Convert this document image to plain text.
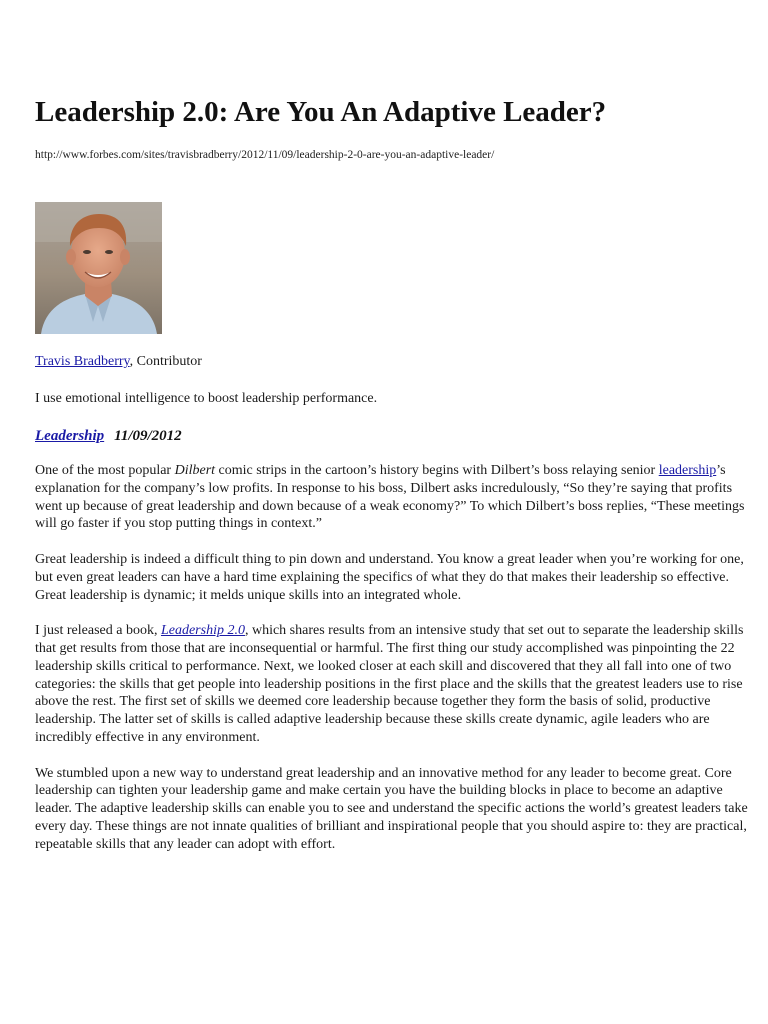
Leadership 2.0: Are You An Adaptive Leader?
http://www.forbes.com/sites/travisbradberry/2012/11/09/leadership-2-0-are-you-an-adaptive-leader/
Travis Bradberry, Contributor
I use emotional intelligence to boost leadership performance.
Leadership 11/09/2012

One of the most popular Dilbert comic strips in the cartoon’s history begins with Dilbert’s boss relaying senior leadership’s explanation for the company’s low profits. In response to his boss, Dilbert asks incredulously, “So they’re saying that profits went up because of great leadership and down because of a weak economy?” To which Dilbert’s boss replies, “These meetings will go faster if you stop putting things in context.”

Great leadership is indeed a difficult thing to pin down and understand. You know a great leader when you’re working for one, but even great leaders can have a hard time explaining the specifics of what they do that makes their leadership so effective. Great leadership is dynamic; it melds unique skills into an integrated whole.

I just released a book, Leadership 2.0, which shares results from an intensive study that set out to separate the leadership skills that get results from those that are inconsequential or harmful. The first thing our study accomplished was pinpointing the 22 leadership skills critical to performance. Next, we looked closer at each skill and discovered that they all fall into one of two categories: the skills that get people into leadership positions in the first place and the skills that the greatest leaders use to rise above the rest. The first set of skills we deemed core leadership because together they form the basis of solid, productive leadership. The latter set of skills is called adaptive leadership because these skills create dynamic, agile leaders who are incredibly effective in any environment.

We stumbled upon a new way to understand great leadership and an innovative method for any leader to become great. Core leadership can tighten your leadership game and make certain you have the building blocks in place to become an adaptive leader. The adaptive leadership skills can enable you to see and understand the specific actions the world’s greatest leaders take every day. These things are not innate qualities of brilliant and inspirational people that you should aspire to: they are practical, repeatable skills that any leader can adopt with effort.
